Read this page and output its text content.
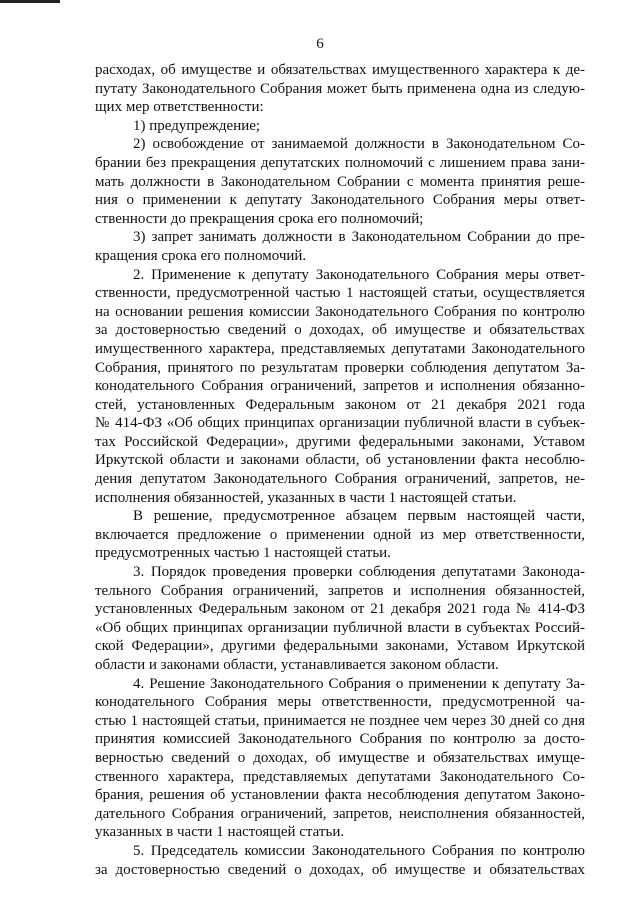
6
расходах, об имуществе и обязательствах имущественного характера к де-
путату Законодательного Собрания может быть применена одна из следую-
щих мер ответственности:
1) предупреждение;
2) освобождение от занимаемой должности в Законодательном Со-
брании без прекращения депутатских полномочий с лишением права зани-
мать должности в Законодательном Собрании с момента принятия реше-
ния о применении к депутату Законодательного Собрания меры ответ-
ственности до прекращения срока его полномочий;
3) запрет занимать должности в Законодательном Собрании до пре-
кращения срока его полномочий.
2. Применение к депутату Законодательного Собрания меры ответ-
ственности, предусмотренной частью 1 настоящей статьи, осуществляется
на основании решения комиссии Законодательного Собрания по контролю
за достоверностью сведений о доходах, об имуществе и обязательствах
имущественного характера, представляемых депутатами Законодательного
Собрания, принятого по результатам проверки соблюдения депутатом За-
конодательного Собрания ограничений, запретов и исполнения обязанно-
стей, установленных Федеральным законом от 21 декабря 2021 года
№ 414-ФЗ «Об общих принципах организации публичной власти в субъек-
тах Российской Федерации», другими федеральными законами, Уставом
Иркутской области и законами области, об установлении факта несоблю-
дения депутатом Законодательного Собрания ограничений, запретов, не-
исполнения обязанностей, указанных в части 1 настоящей статьи.
В решение, предусмотренное абзацем первым настоящей части,
включается предложение о применении одной из мер ответственности,
предусмотренных частью 1 настоящей статьи.
3. Порядок проведения проверки соблюдения депутатами Законода-
тельного Собрания ограничений, запретов и исполнения обязанностей,
установленных Федеральным законом от 21 декабря 2021 года № 414-ФЗ
«Об общих принципах организации публичной власти в субъектах Россий-
ской Федерации», другими федеральными законами, Уставом Иркутской
области и законами области, устанавливается законом области.
4. Решение Законодательного Собрания о применении к депутату За-
конодательного Собрания меры ответственности, предусмотренной ча-
стью 1 настоящей статьи, принимается не позднее чем через 30 дней со дня
принятия комиссией Законодательного Собрания по контролю за досто-
верностью сведений о доходах, об имуществе и обязательствах имуще-
ственного характера, представляемых депутатами Законодательного Со-
брания, решения об установлении факта несоблюдения депутатом Законо-
дательного Собрания ограничений, запретов, неисполнения обязанностей,
указанных в части 1 настоящей статьи.
5. Председатель комиссии Законодательного Собрания по контролю
за достоверностью сведений о доходах, об имуществе и обязательствах
